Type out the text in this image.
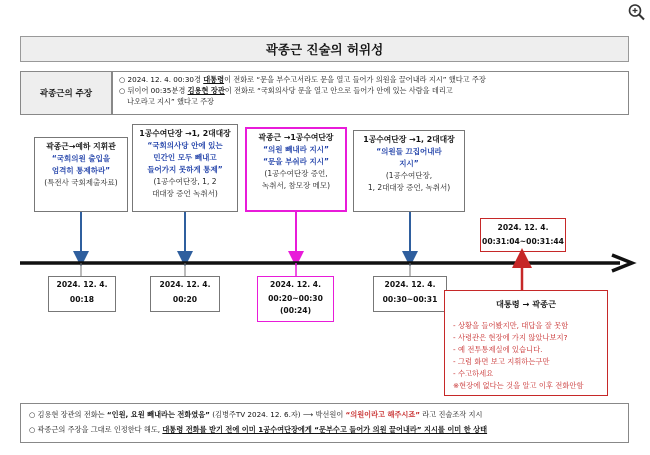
곽종근 진술의 허위성
곽종근의 주장
○ 2024. 12. 4. 00:30경 대통령이 전화로 “문을 부수고서라도 문을 열고 들어가 의원을 끌어내라 지시” 했다고 주장
○ 뒤이어 00:35분경 김용현 장관이 전화로 “국회의사당 문을 열고 안으로 들어가 안에 있는 사람을 데리고
나오라고 지시” 했다고 주장
곽종근→예하 지휘관
“국회의원 출입을
엄격히 통제하라”
(특전사 국회제출자료)
1공수여단장 →1, 2대대장
“국회의사당 안에 있는
민간인 모두 빼내고
들어가지 못하게 통제”
(1공수여단장, 1, 2
대대장 증언 녹취서)
곽종근 →1공수여단장
“의원 빼내라 지시”
“문을 부숴라 지시”
(1공수여단장 증언,
녹취서, 참모장 메모)
1공수여단장 →1, 2대대장
“의원들 끄집어내라
지시”
(1공수여단장,
1, 2대대장 증언, 녹취서)
2024. 12. 4.
00:18
2024. 12. 4.
00:20
2024. 12. 4.
00:20~00:30
(00:24)
2024. 12. 4.
00:30~00:31
2024. 12. 4.
00:31:04~00:31:44
대통령 → 곽종근
- 상황을 들어봤지만, 대답을 잘 못함
- 사령관은 현장에 가지 않았나보지?
- 예 전투통제실에 있습니다.
- 그럼 화면 보고 지휘하는구만
- 수고하세요
※현장에 없다는 것을 알고 이후 전화안함
○ 김용현 장관의 전화는 “인원, 요원 빼내라는 전화였음” (김병주TV 2024. 12. 6.자) ⟶ 박선원이 “의원이라고 해주시죠” 라고 진술조작 지시
○ 곽종근의 주장을 그대로 인정한다 해도, 대통령 전화를 받기 전에 이미 1공수여단장에게 “문부수고 들어가 의원 끌어내라” 지시를 이미 한 상태
